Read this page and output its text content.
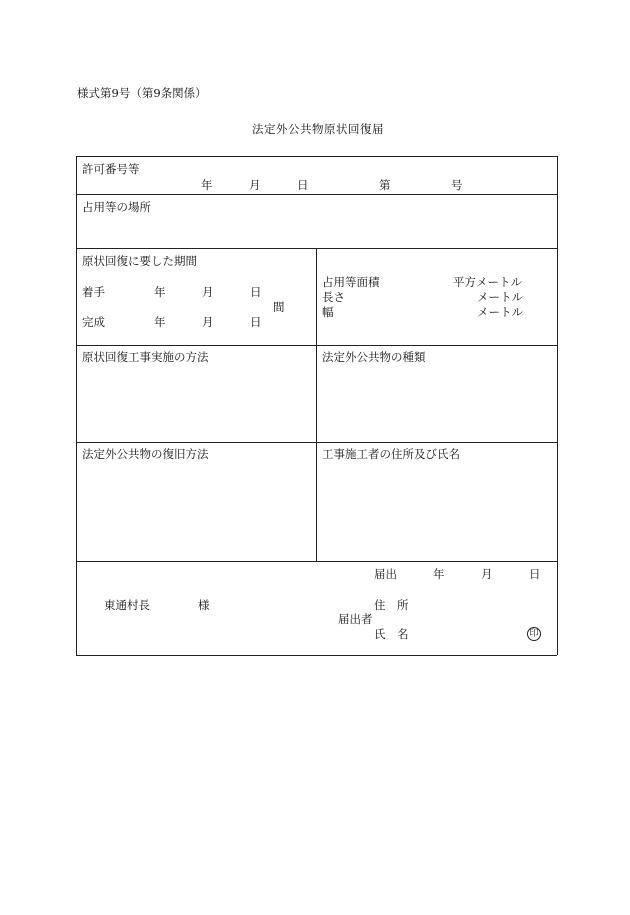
様式第9号（第9条関係）
法定外公共物原状回復届
許可番号等
年	月	日	第	号
占用等の場所
原状回復に要した期間
着手	年	月	日
間
完成	年	月	日
占用等面積	平方メートル
長さ	メートル
幅	メートル
原状回復工事実施の方法	法定外公共物の種類
法定外公共物の復旧方法	工事施工者の住所及び氏名
届出	年	月	日
東通村長	様	住　所
届出者
氏　名	印
